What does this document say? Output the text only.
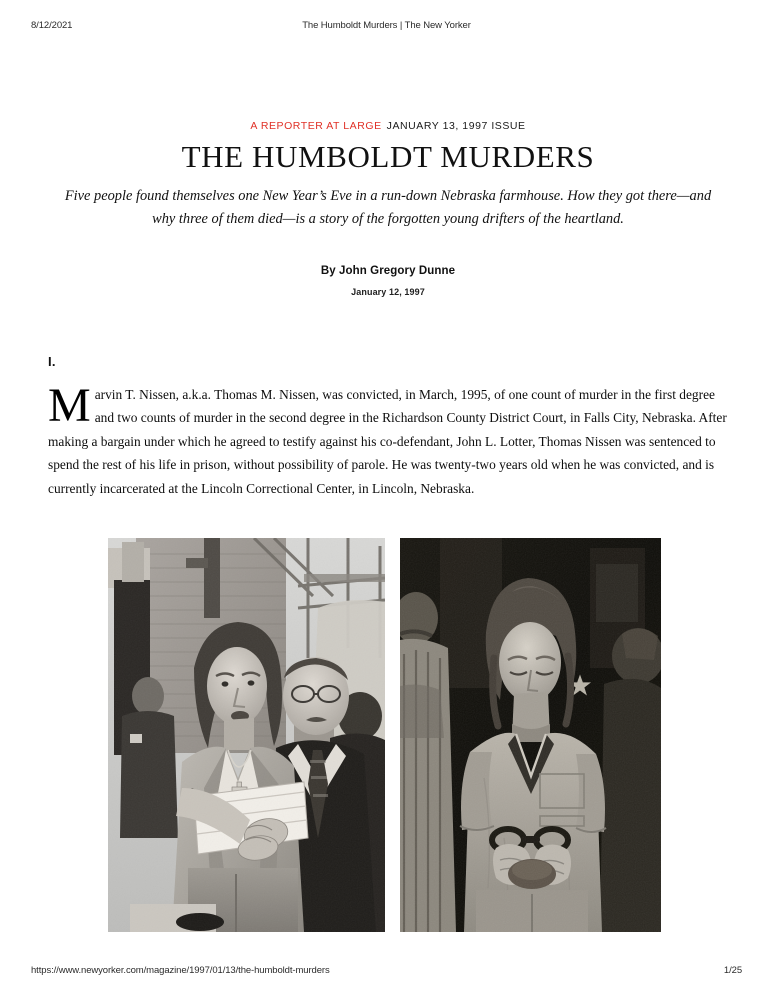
8/12/2021	The Humboldt Murders | The New Yorker
A REPORTER AT LARGE JANUARY 13, 1997 ISSUE
THE HUMBOLDT MURDERS

Five people found themselves one New Year’s Eve in a run-down Nebraska farmhouse. How they got there—and why three of them died—is a story of the forgotten young drifters of the heartland.

By John Gregory Dunne
January 12, 1997
I.

Marvin T. Nissen, a.k.a. Thomas M. Nissen, was convicted, in March, 1995, of one count of murder in the first degree and two counts of murder in the second degree in the Richardson County District Court, in Falls City, Nebraska. After making a bargain under which he agreed to testify against his co-defendant, John L. Lotter, Thomas Nissen was sentenced to spend the rest of his life in prison, without possibility of parole. He was twenty-two years old when he was convicted, and is currently incarcerated at the Lincoln Correctional Center, in Lincoln, Nebraska.

https://www.newyorker.com/magazine/1997/01/13/the-humboldt-murders	1/25
